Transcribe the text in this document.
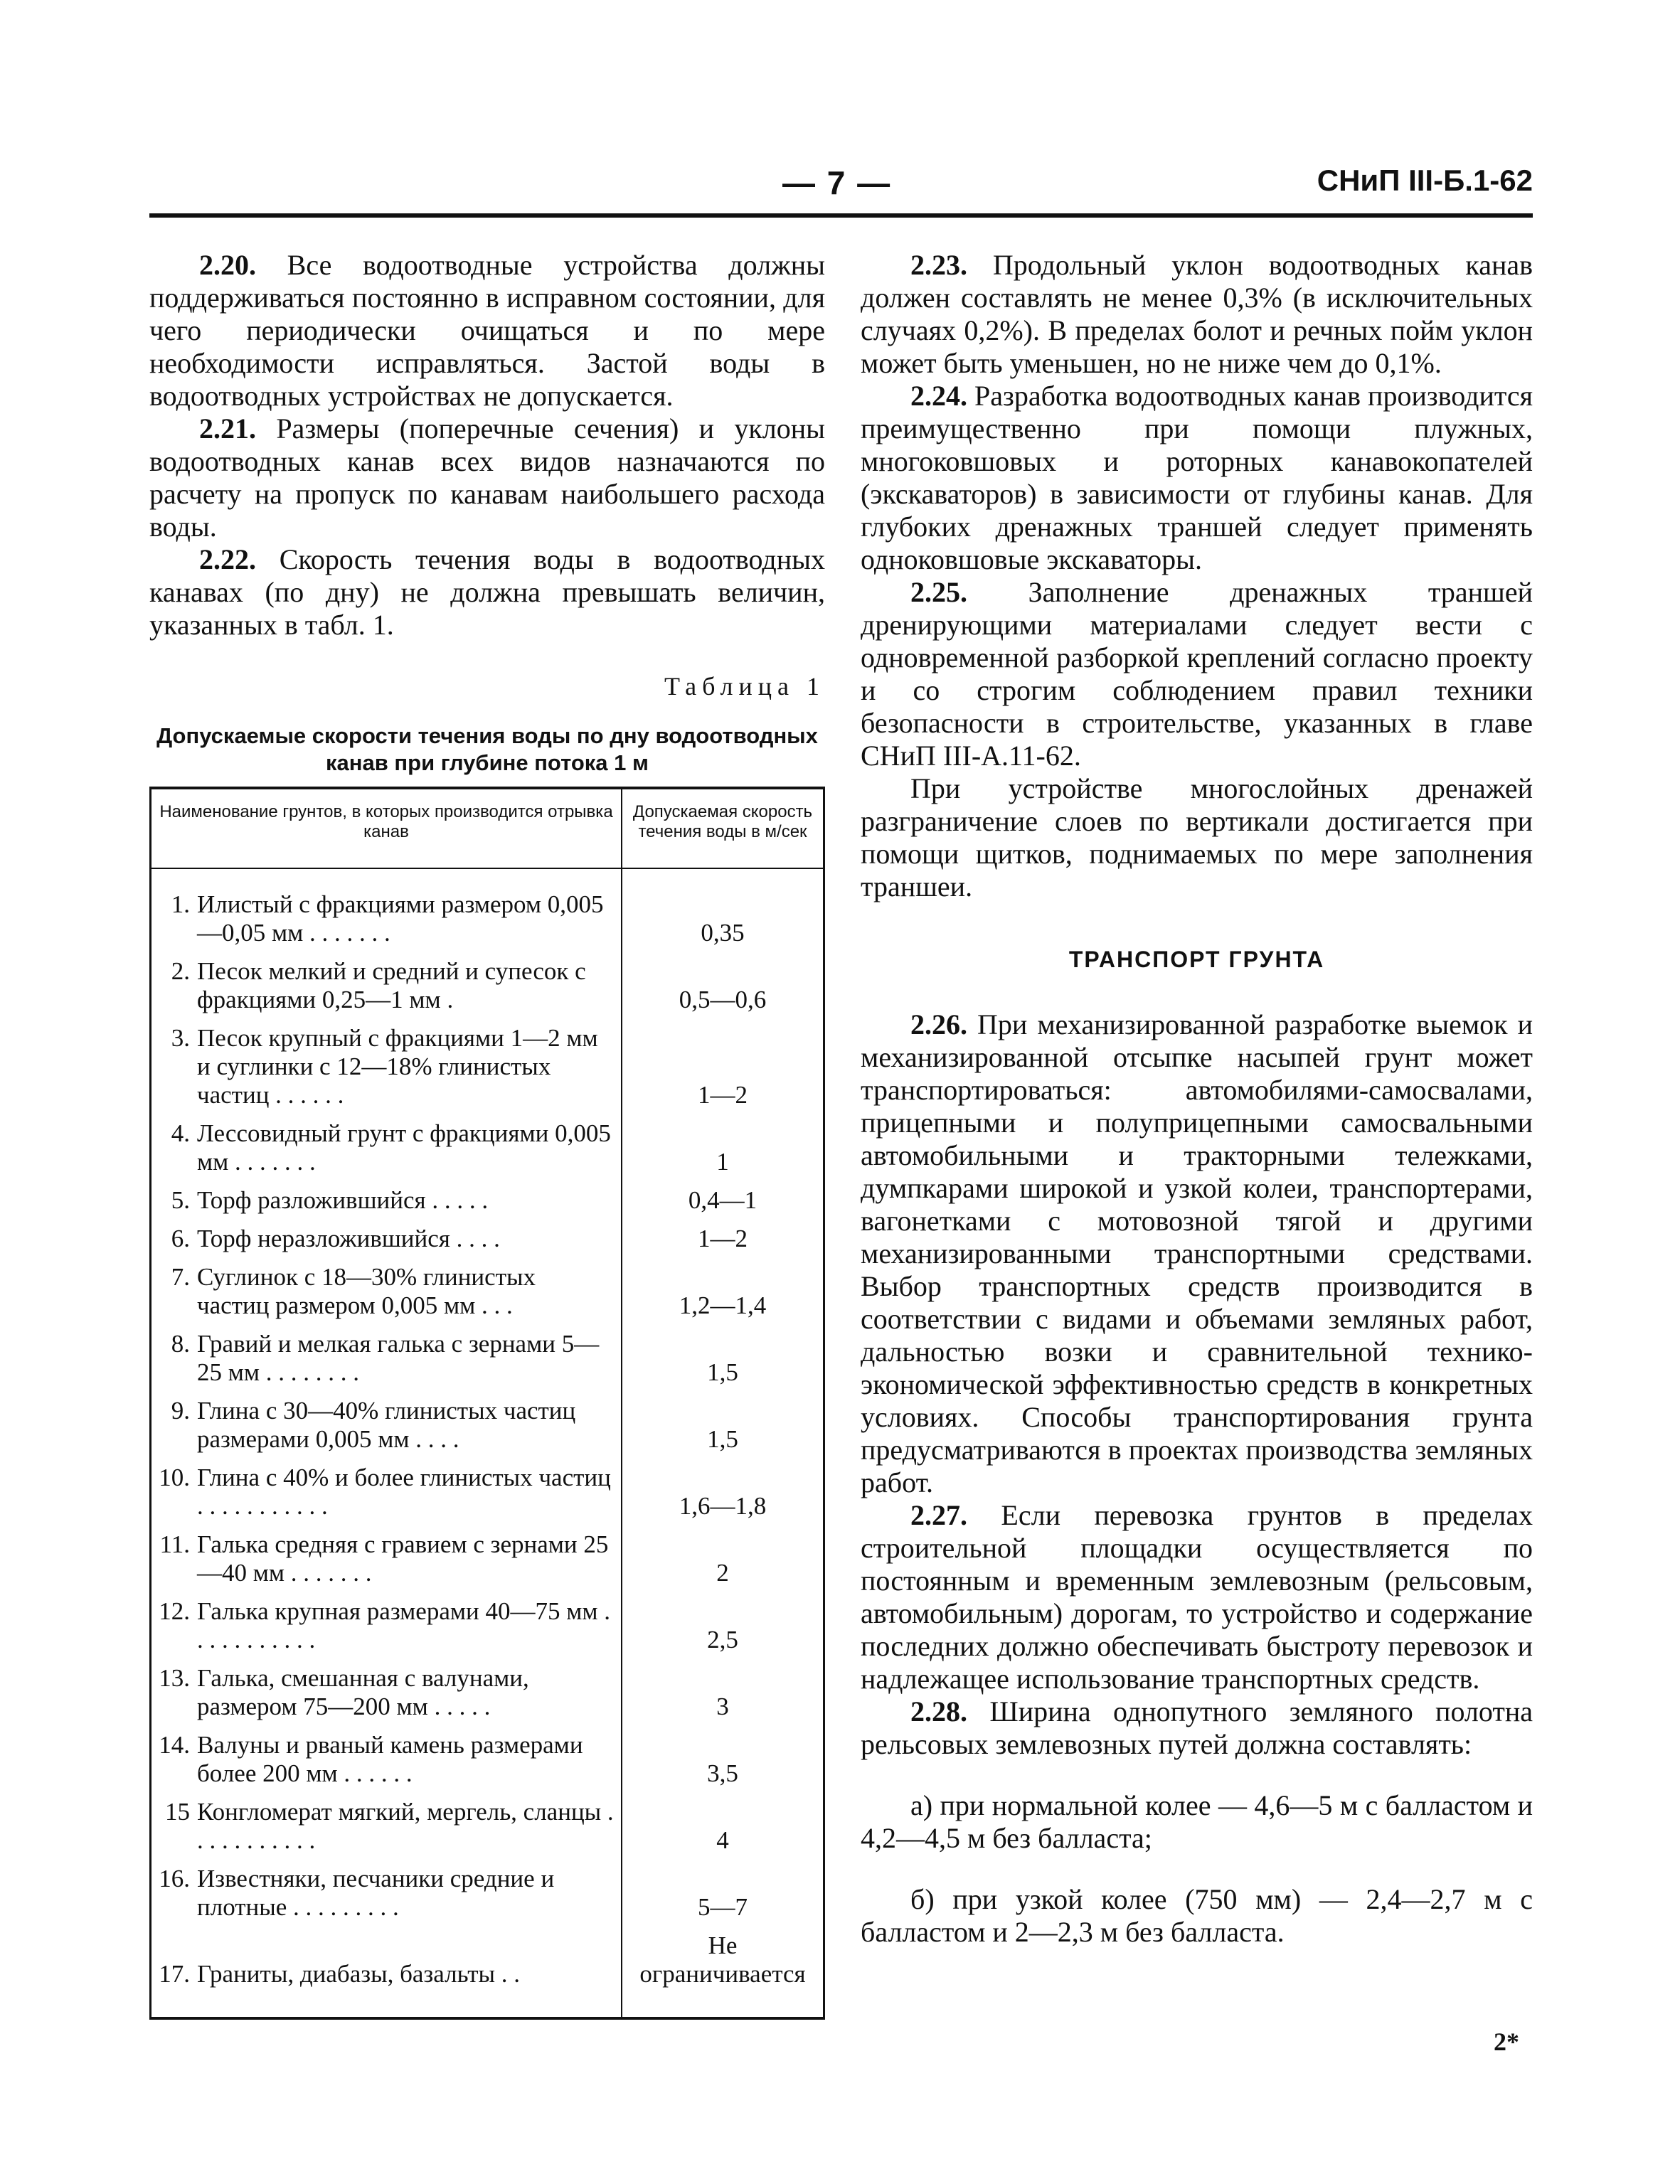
— 7 —	СНиП III-Б.1-62

2.20. Все водоотводные устройства должны поддерживаться постоянно в исправном состоянии, для чего периодически очищаться и по мере необходимости исправляться. Застой воды в водоотводных устройствах не допускается.

2.21. Размеры (поперечные сечения) и уклоны водоотводных канав всех видов назначаются по расчету на пропуск по канавам наибольшего расхода воды.

2.22. Скорость течения воды в водоотводных канавах (по дну) не должна превышать величин, указанных в табл. 1.

Таблица 1
Допускаемые скорости течения воды по дну водоотводных канав при глубине потока 1 м
Наименование грунтов, в которых производится отрывка канав	Допускаемая скорость течения воды в м/сек

1. Илистый с фракциями размером 0,005—0,05 мм . . . . . . .	0,35

2. Песок мелкий и средний и супесок с фракциями 0,25—1 мм .	0,5—0,6

3. Песок крупный с фракциями 1—2 мм и суглинки с 12—18% глинистых частиц . . . . . .	1—2

4. Лессовидный грунт с фракциями 0,005 мм . . . . . . .	1

5. Торф разложившийся . . . . .	0,4—1

6. Торф неразложившийся . . . .	1—2

7. Суглинок с 18—30% глинистых частиц размером 0,005 мм . . .	1,2—1,4

8. Гравий и мелкая галька с зернами 5—25 мм . . . . . . . .	1,5

9. Глина с 30—40% глинистых частиц размерами 0,005 мм . . . .	1,5

10. Глина с 40% и более глинистых частиц . . . . . . . . . . .	1,6—1,8

11. Галька средняя с гравием с зернами 25—40 мм . . . . . . .	2

12. Галька крупная размерами 40—75 мм . . . . . . . . . . .	2,5

13. Галька, смешанная с валунами, размером 75—200 мм . . . . .	3

14. Валуны и рваный камень размерами более 200 мм . . . . . .	3,5

15 Конгломерат мягкий, мергель, сланцы . . . . . . . . . . .	4

16. Известняки, песчаники средние и плотные . . . . . . . . .	5—7

17. Граниты, диабазы, базальты . .	Не ограничивается

2.23. Продольный уклон водоотводных канав должен составлять не менее 0,3% (в исключительных случаях 0,2%). В пределах болот и речных пойм уклон может быть уменьшен, но не ниже чем до 0,1%.

2.24. Разработка водоотводных канав производится преимущественно при помощи плужных, многоковшовых и роторных канавокопателей (экскаваторов) в зависимости от глубины канав. Для глубоких дренажных траншей следует применять одноковшовые экскаваторы.

2.25. Заполнение дренажных траншей дренирующими материалами следует вести с одновременной разборкой креплений согласно проекту и со строгим соблюдением правил техники безопасности в строительстве, указанных в главе СНиП III-А.11-62.

При устройстве многослойных дренажей разграничение слоев по вертикали достигается при помощи щитков, поднимаемых по мере заполнения траншеи.

ТРАНСПОРТ ГРУНТА

2.26. При механизированной разработке выемок и механизированной отсыпке насыпей грунт может транспортироваться: автомобилями-самосвалами, прицепными и полуприцепными самосвальными автомобильными и тракторными тележками, думпкарами широкой и узкой колеи, транспортерами, вагонетками с мотовозной тягой и другими механизированными транспортными средствами. Выбор транспортных средств производится в соответствии с видами и объемами земляных работ, дальностью возки и сравнительной технико-экономической эффективностью средств в конкретных условиях. Способы транспортирования грунта предусматриваются в проектах производства земляных работ.

2.27. Если перевозка грунтов в пределах строительной площадки осуществляется по постоянным и временным землевозным (рельсовым, автомобильным) дорогам, то устройство и содержание последних должно обеспечивать быстроту перевозок и надлежащее использование транспортных средств.

2.28. Ширина однопутного земляного полотна рельсовых землевозных путей должна составлять:

а) при нормальной колее — 4,6—5 м с балластом и 4,2—4,5 м без балласта;

б) при узкой колее (750 мм) — 2,4—2,7 м с балластом и 2—2,3 м без балласта.

2*
